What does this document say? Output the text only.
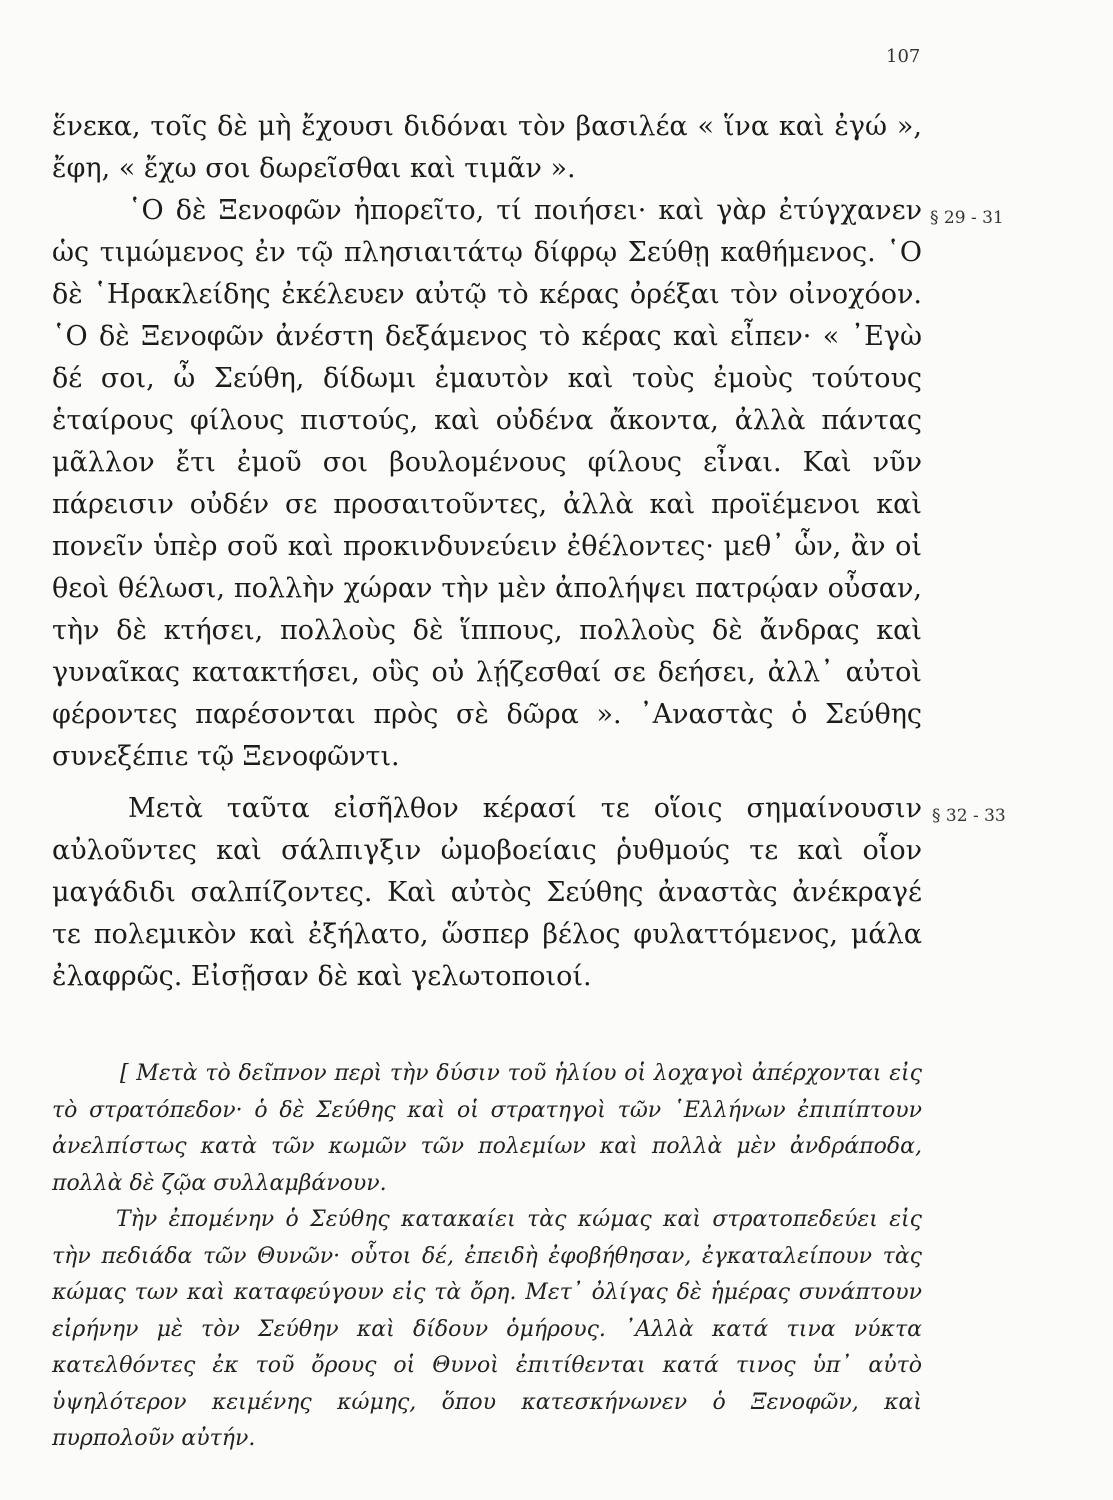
107
§ 29 - 31
§ 32 - 33

ἕνεκα, τοῖς δὲ μὴ ἔχουσι διδόναι τὸν βασιλέα « ἵνα καὶ ἐγώ », ἔφη, « ἔχω σοι δωρεῖσθαι καὶ τιμᾶν ».

῾Ο δὲ Ξενοφῶν ἠπορεῖτο, τί ποιήσει· καὶ γὰρ ἐτύγχανεν ὡς τιμώμενος ἐν τῷ πλησιαιτάτῳ δίφρῳ Σεύθῃ καθήμενος. ῾Ο δὲ ῾Ηρακλείδης ἐκέλευεν αὐτῷ τὸ κέρας ὀρέξαι τὸν οἰνοχόον. ῾Ο δὲ Ξενοφῶν ἀνέστη δεξάμενος τὸ κέρας καὶ εἶπεν· « ᾿Εγὼ δέ σοι, ὦ Σεύθη, δίδωμι ἐμαυτὸν καὶ τοὺς ἐμοὺς τούτους ἑταίρους φίλους πιστούς, καὶ οὐδένα ἄκοντα, ἀλλὰ πάντας μᾶλλον ἔτι ἐμοῦ σοι βουλομένους φίλους εἶναι. Καὶ νῦν πάρεισιν οὐδέν σε προσαιτοῦντες, ἀλλὰ καὶ προϊέμενοι καὶ πονεῖν ὑπὲρ σοῦ καὶ προκινδυνεύειν ἐθέλοντες· μεθ᾿ ὧν, ἂν οἱ θεοὶ θέλωσι, πολλὴν χώραν τὴν μὲν ἀπολήψει πατρῴαν οὖσαν, τὴν δὲ κτήσει, πολλοὺς δὲ ἵππους, πολλοὺς δὲ ἄνδρας καὶ γυναῖκας κατακτήσει, οὓς οὐ λῄζεσθαί σε δεήσει, ἀλλ᾿ αὐτοὶ φέροντες παρέσονται πρὸς σὲ δῶρα ». ᾿Αναστὰς ὁ Σεύθης συνεξέπιε τῷ Ξενοφῶντι.

Μετὰ ταῦτα εἰσῆλθον κέρασί τε οἵοις σημαίνουσιν αὐλοῦντες καὶ σάλπιγξιν ὠμοβοείαις ῥυθμούς τε καὶ οἷον μαγάδιδι σαλπίζοντες. Καὶ αὐτὸς Σεύθης ἀναστὰς ἀνέκραγέ τε πολεμικὸν καὶ ἐξήλατο, ὥσπερ βέλος φυλαττόμενος, μάλα ἐλαφρῶς. Εἰσῇσαν δὲ καὶ γελωτοποιοί.

[ Μετὰ τὸ δεῖπνον περὶ τὴν δύσιν τοῦ ἡλίου οἱ λοχαγοὶ ἀπέρχονται εἰς τὸ στρατόπεδον· ὁ δὲ Σεύθης καὶ οἱ στρατηγοὶ τῶν ῾Ελλήνων ἐπιπίπτουν ἀνελπίστως κατὰ τῶν κωμῶν τῶν πολεμίων καὶ πολλὰ μὲν ἀνδράποδα, πολλὰ δὲ ζῷα συλλαμβάνουν.

Τὴν ἐπομένην ὁ Σεύθης κατακαίει τὰς κώμας καὶ στρατοπεδεύει εἰς τὴν πεδιάδα τῶν Θυνῶν· οὗτοι δέ, ἐπειδὴ ἐφοβήθησαν, ἐγκαταλείπουν τὰς κώμας των καὶ καταφεύγουν εἰς τὰ ὄρη. Μετ᾿ ὀλίγας δὲ ἡμέρας συνάπτουν εἰρήνην μὲ τὸν Σεύθην καὶ δίδουν ὁμήρους. ᾿Αλλὰ κατά τινα νύκτα κατελθόντες ἐκ τοῦ ὄρους οἱ Θυνοὶ ἐπιτίθενται κατά τινος ὑπ᾿ αὐτὸ ὑψηλότερον κειμένης κώμης, ὅπου κατεσκήνωνεν ὁ Ξενοφῶν, καὶ πυρπολοῦν αὐτήν.
